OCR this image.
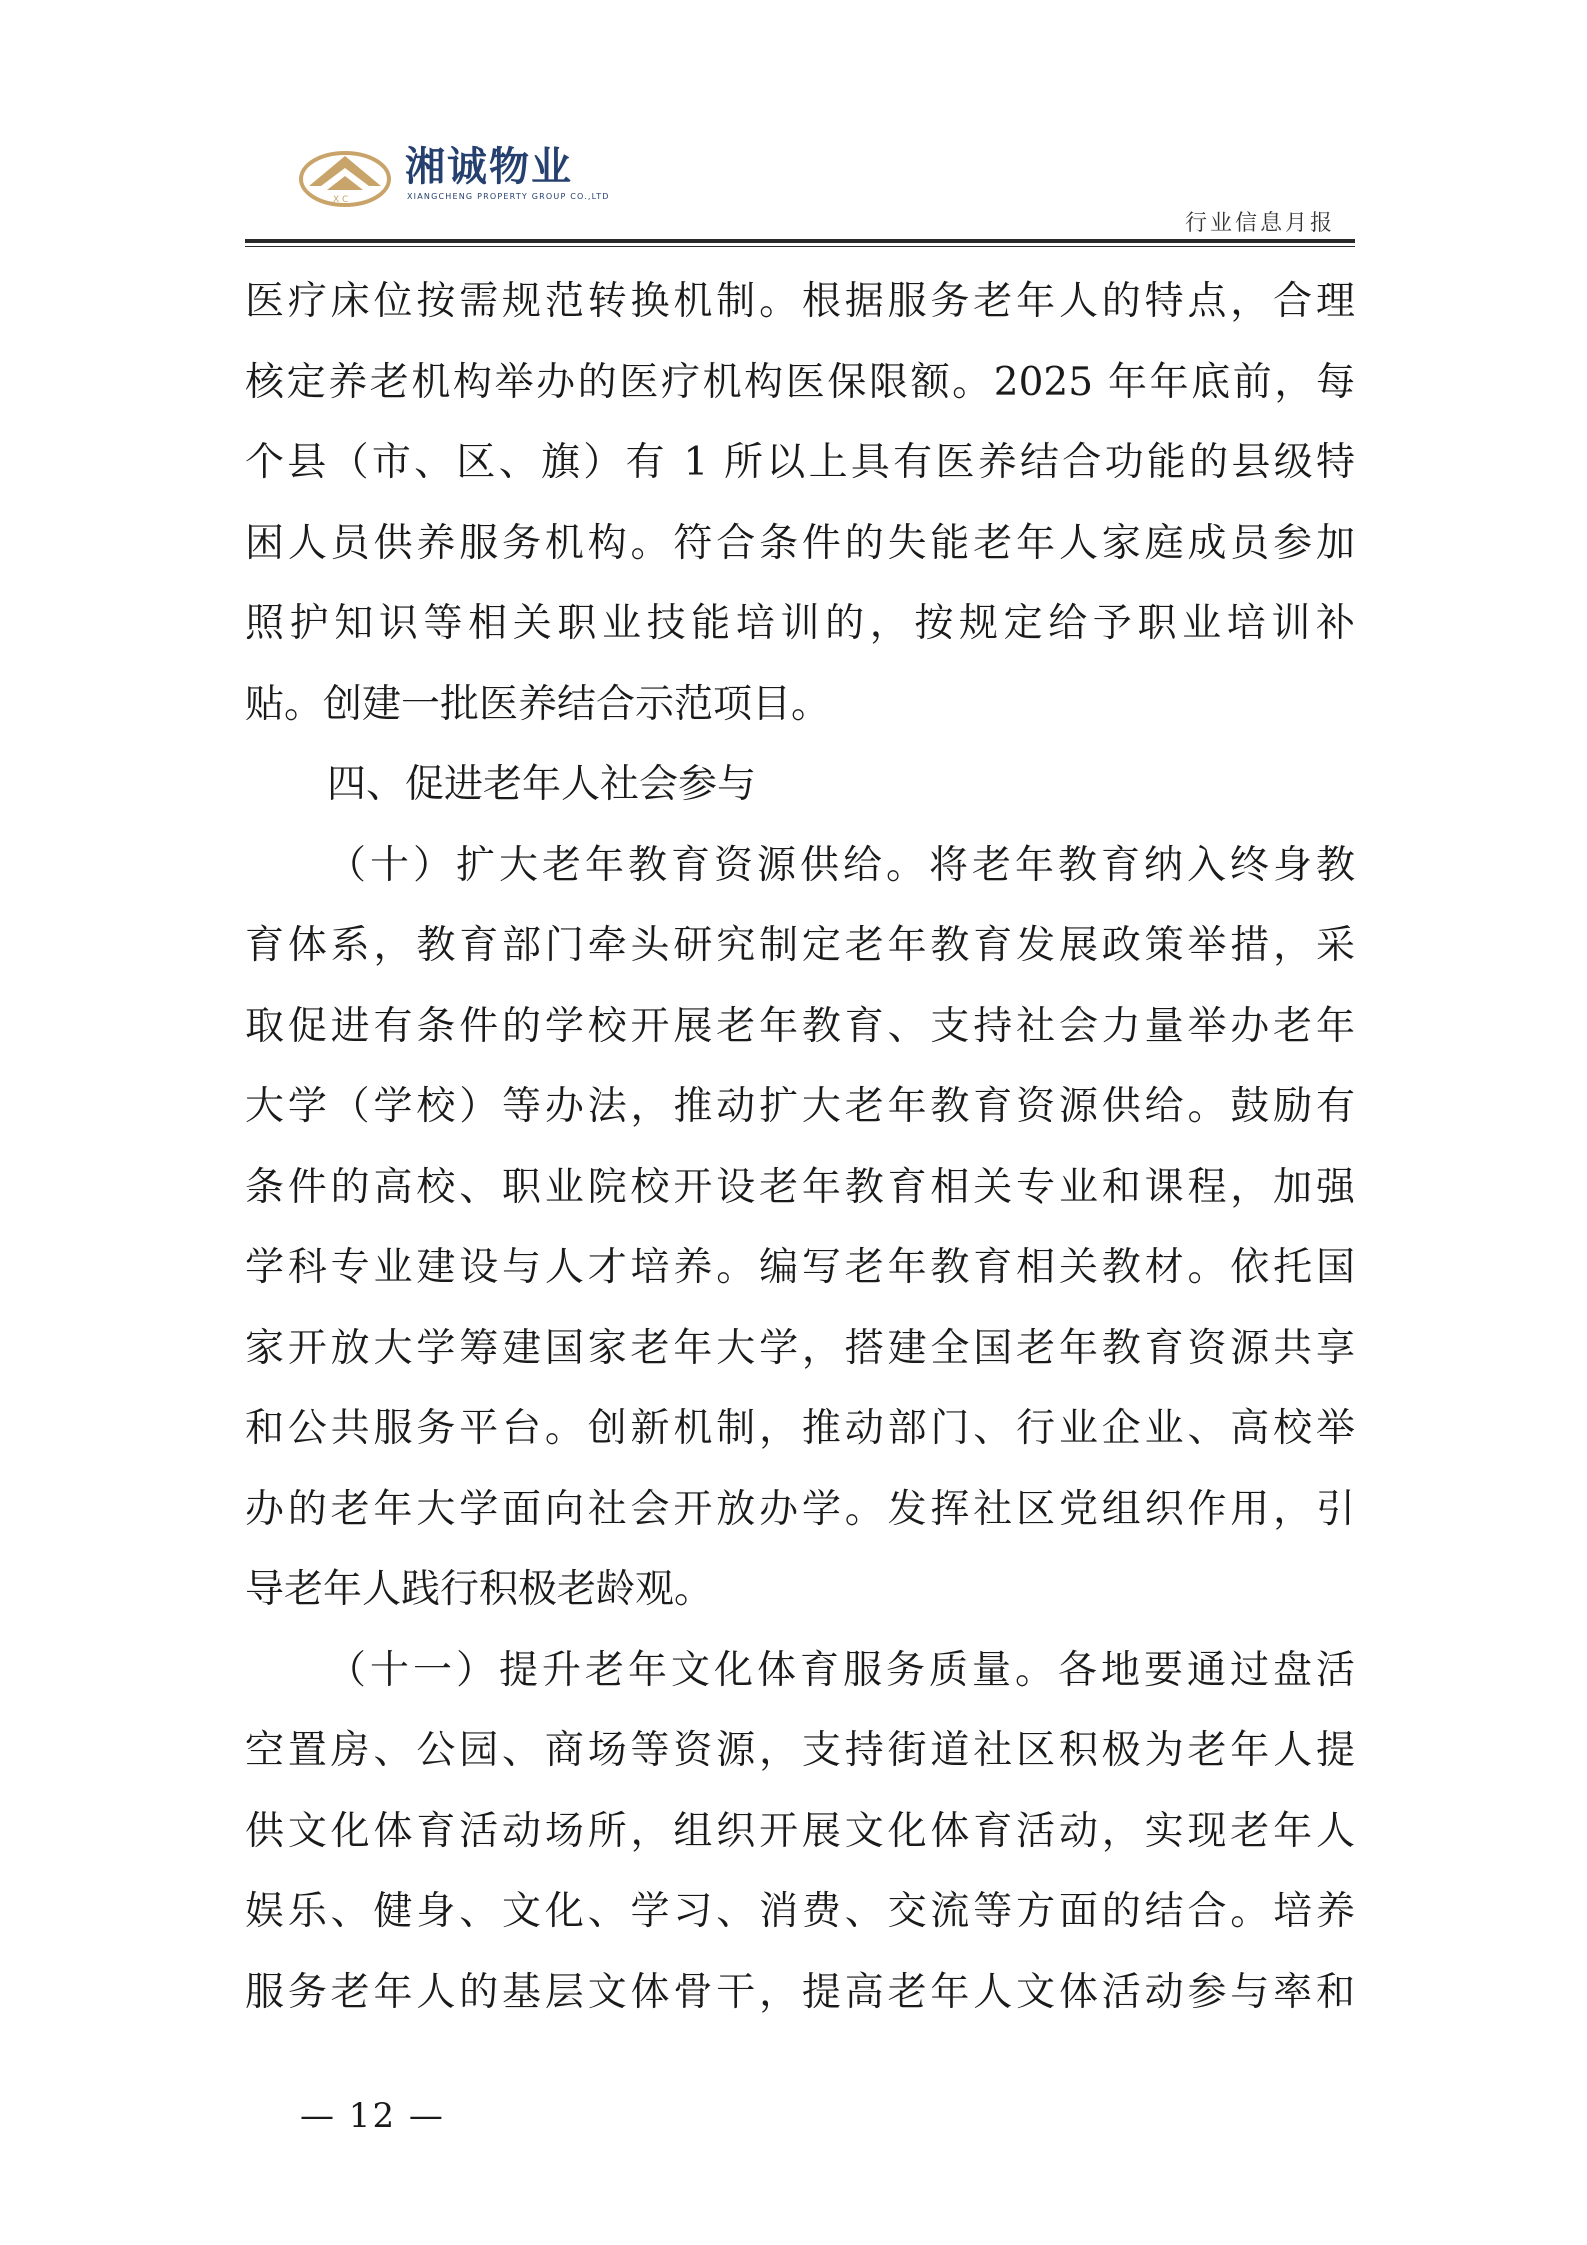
X C
湘诚物业
XIANGCHENG PROPERTY GROUP CO.,LTD
行业信息月报
医疗床位按需规范转换机制。根据服务老年人的特点，合理
核定养老机构举办的医疗机构医保限额。2025 年年底前，每
个县（市、区、旗）有 1 所以上具有医养结合功能的县级特
困人员供养服务机构。符合条件的失能老年人家庭成员参加
照护知识等相关职业技能培训的，按规定给予职业培训补
贴。创建一批医养结合示范项目。
四、促进老年人社会参与
（十）扩大老年教育资源供给。将老年教育纳入终身教
育体系，教育部门牵头研究制定老年教育发展政策举措，采
取促进有条件的学校开展老年教育、支持社会力量举办老年
大学（学校）等办法，推动扩大老年教育资源供给。鼓励有
条件的高校、职业院校开设老年教育相关专业和课程，加强
学科专业建设与人才培养。编写老年教育相关教材。依托国
家开放大学筹建国家老年大学，搭建全国老年教育资源共享
和公共服务平台。创新机制，推动部门、行业企业、高校举
办的老年大学面向社会开放办学。发挥社区党组织作用，引
导老年人践行积极老龄观。
（十一）提升老年文化体育服务质量。各地要通过盘活
空置房、公园、商场等资源，支持街道社区积极为老年人提
供文化体育活动场所，组织开展文化体育活动，实现老年人
娱乐、健身、文化、学习、消费、交流等方面的结合。培养
服务老年人的基层文体骨干，提高老年人文体活动参与率和
— 12 —
